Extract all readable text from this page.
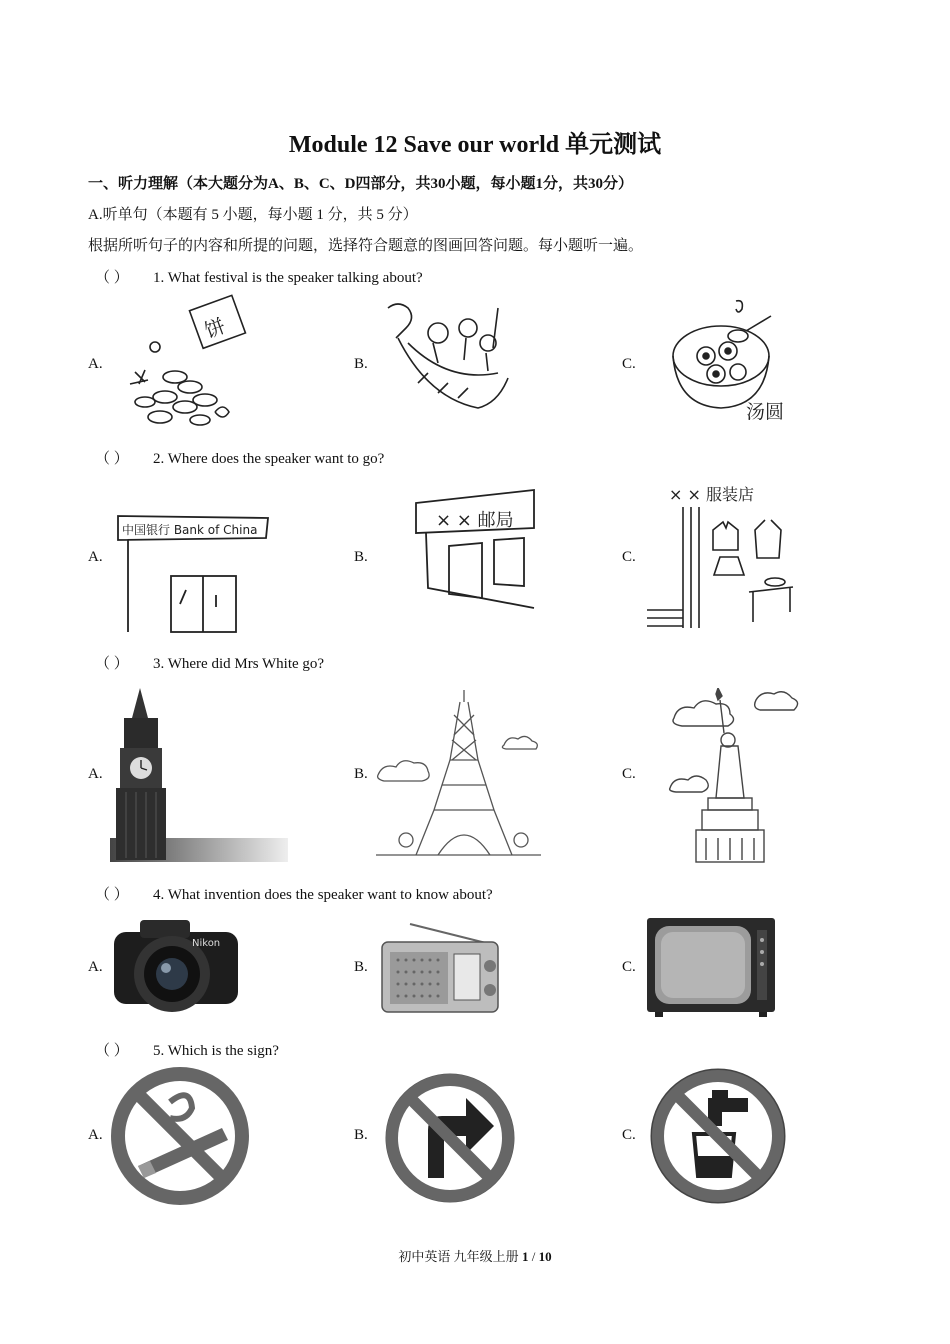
Module 12 Save our world 单元测试
一、听力理解（本大题分为A、B、C、D四部分，共30小题，每小题1分，共30分）
A.听单句（本题有 5 小题，每小题 1 分，共 5 分）
根据所听句子的内容和所提的问题，选择符合题意的图画回答问题。每小题听一遍。
（ ） 1. What festival is the speaker talking about?
A.	B.	C.
饼
汤圆
（ ） 2. Where does the speaker want to go?
A.	B.	C.
中国银行 Bank of China	× × 邮局
× × 服装店
（ ） 3. Where did Mrs White go?
A.	B.	C.
（ ） 4. What invention does the speaker want to know about?
A.	B.	C.
Nikon
（ ） 5. Which is the sign?
A.	B.	C.
初中英语 九年级上册 1 / 10
